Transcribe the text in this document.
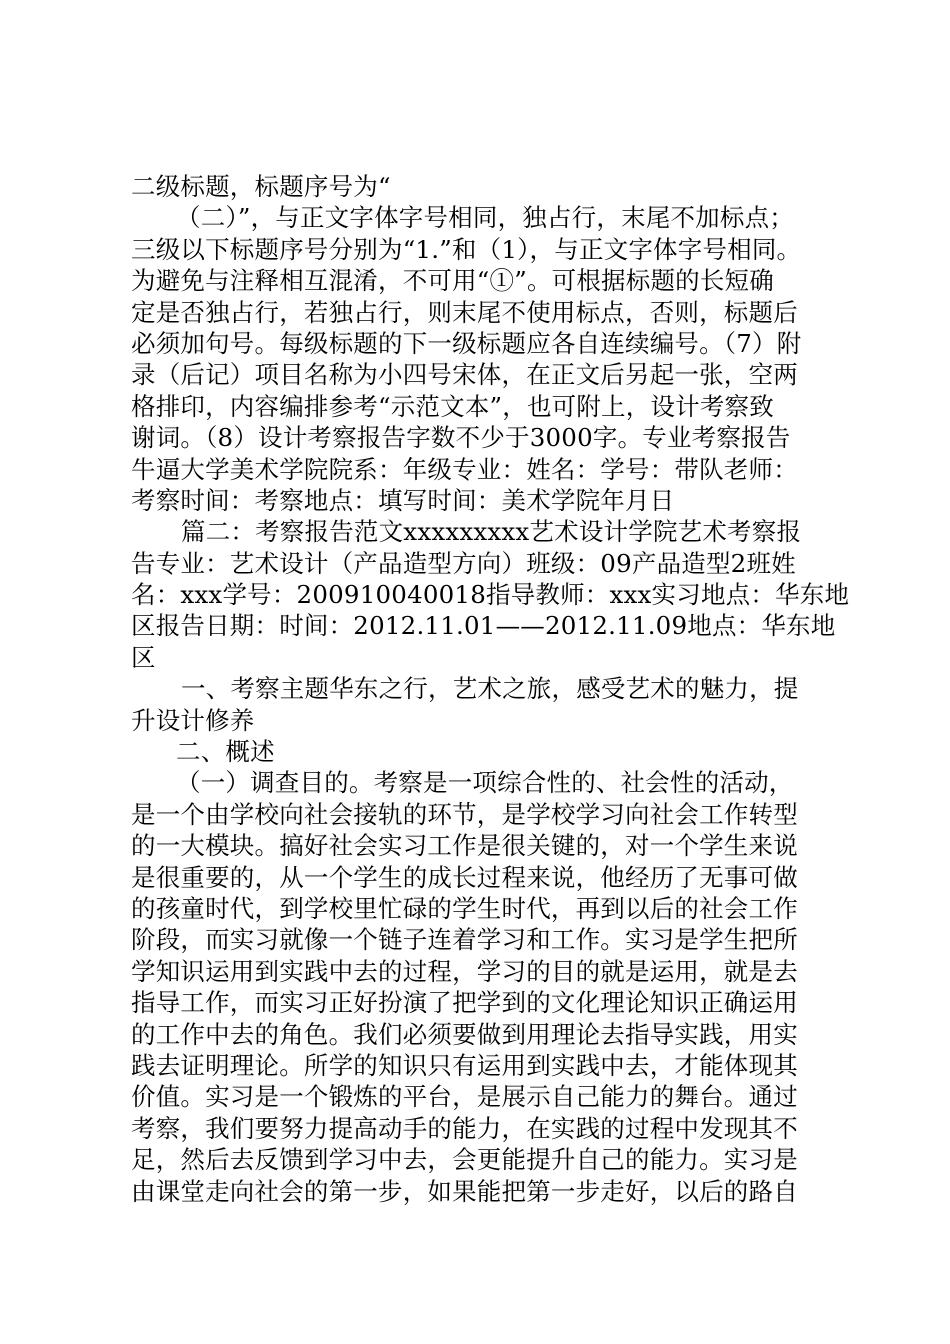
二级标题，标题序号为“
（二）”，与正文字体字号相同，独占行，末尾不加标点；
三级以下标题序号分别为“1.”和（1），与正文字体字号相同。
为避免与注释相互混淆，不可用“①”。可根据标题的长短确
定是否独占行，若独占行，则末尾不使用标点，否则，标题后
必须加句号。每级标题的下一级标题应各自连续编号。（7）附
录（后记）项目名称为小四号宋体，在正文后另起一张，空两
格排印，内容编排参考“示范文本”，也可附上，设计考察致
谢词。（8）设计考察报告字数不少于3000字。专业考察报告
牛逼大学美术学院院系：年级专业：姓名：学号：带队老师：
考察时间：考察地点：填写时间：美术学院年月日
篇二：考察报告范文xxxxxxxxx艺术设计学院艺术考察报
告专业：艺术设计（产品造型方向）班级：09产品造型2班姓
名：xxx学号：200910040018指导教师：xxx实习地点：华东地
区报告日期：时间：2012.11.01——2012.11.09地点：华东地
区
一、考察主题华东之行，艺术之旅，感受艺术的魅力，提
升设计修养
二、概述
（一）调查目的。考察是一项综合性的、社会性的活动，
是一个由学校向社会接轨的环节，是学校学习向社会工作转型
的一大模块。搞好社会实习工作是很关键的，对一个学生来说
是很重要的，从一个学生的成长过程来说，他经历了无事可做
的孩童时代，到学校里忙碌的学生时代，再到以后的社会工作
阶段，而实习就像一个链子连着学习和工作。实习是学生把所
学知识运用到实践中去的过程，学习的目的就是运用，就是去
指导工作，而实习正好扮演了把学到的文化理论知识正确运用
的工作中去的角色。我们必须要做到用理论去指导实践，用实
践去证明理论。所学的知识只有运用到实践中去，才能体现其
价值。实习是一个锻炼的平台，是展示自己能力的舞台。通过
考察，我们要努力提高动手的能力，在实践的过程中发现其不
足，然后去反馈到学习中去，会更能提升自己的能力。实习是
由课堂走向社会的第一步，如果能把第一步走好，以后的路自
